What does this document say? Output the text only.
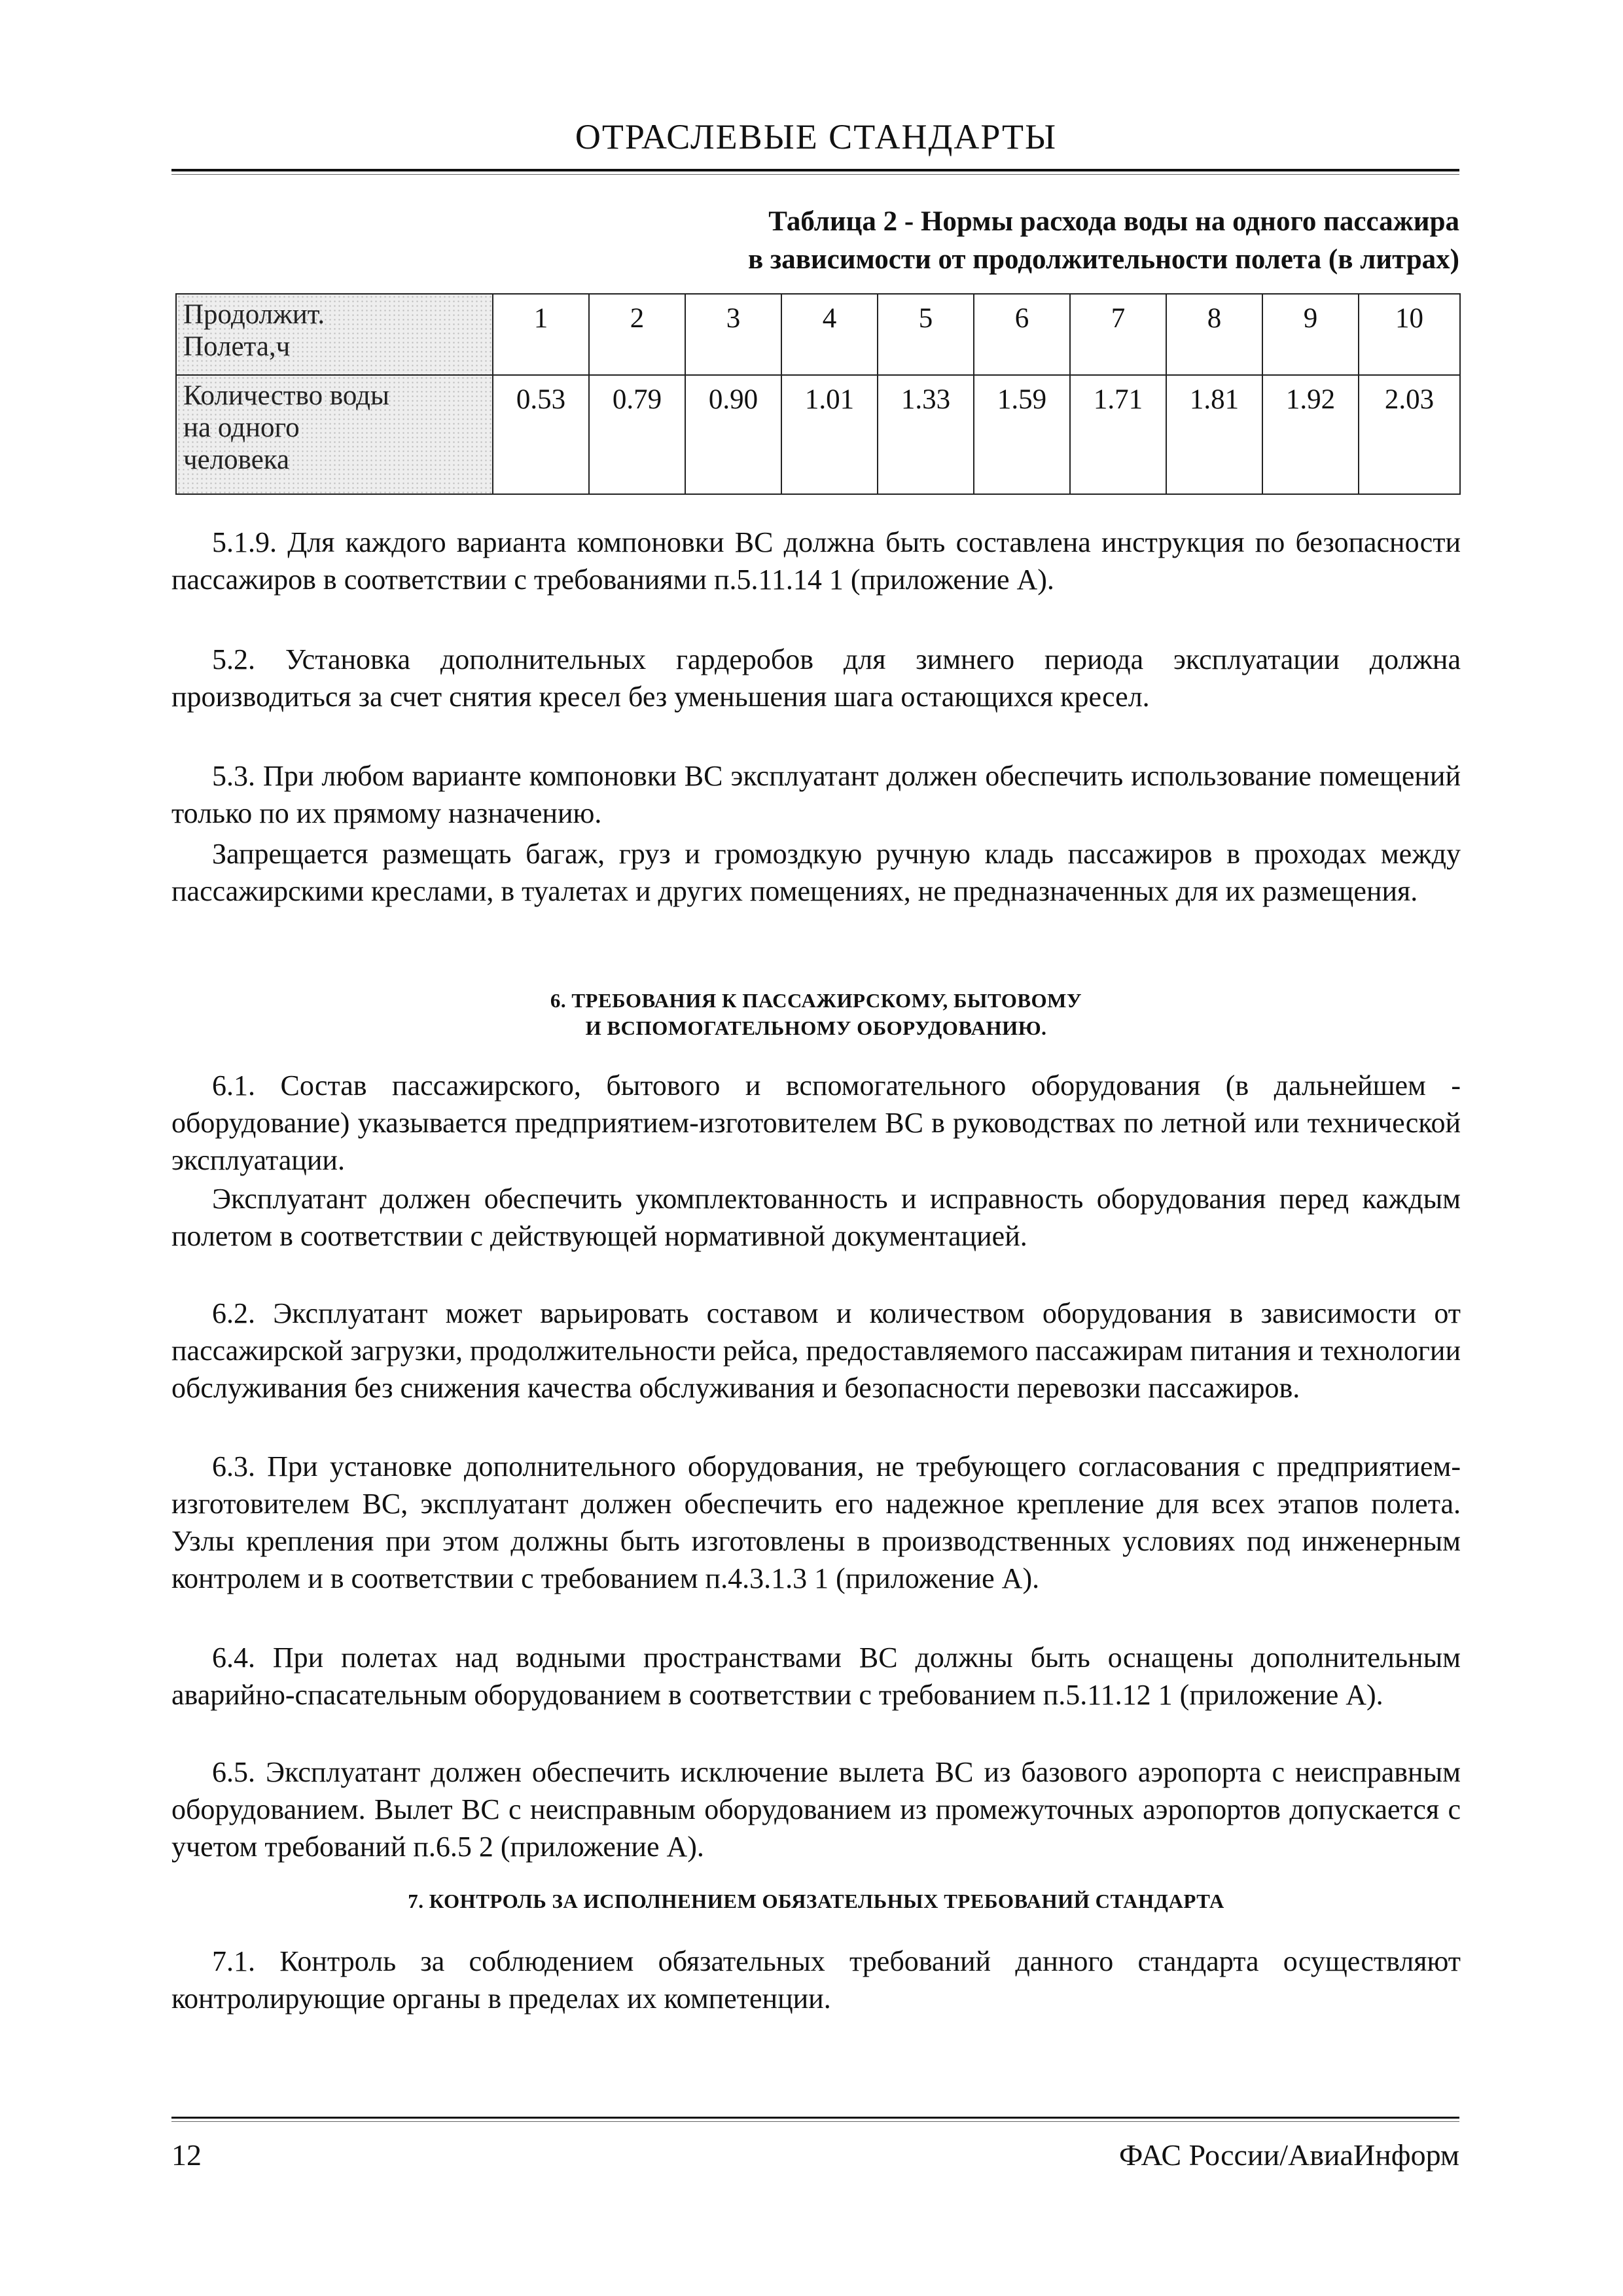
ОТРАСЛЕВЫЕ СТАНДАРТЫ
Таблица 2 - Нормы расхода воды на одного пассажира
в зависимости от продолжительности полета (в литрах)
Продолжит.
Полета,ч	1	2	3	4	5	6	7	8	9	10

Количество воды
на одного
человека	0.53	0.79	0.90	1.01	1.33	1.59	1.71	1.81	1.92	2.03

5.1.9. Для каждого варианта компоновки ВС должна быть составлена инструкция по безопасности пассажиров в соответствии с требованиями п.5.11.14 1 (приложение А).

5.2. Установка дополнительных гардеробов для зимнего периода эксплуатации должна производиться за счет снятия кресел без уменьшения шага остающихся кресел.

5.3. При любом варианте компоновки ВС эксплуатант должен обеспечить использование помещений только по их прямому назначению.

Запрещается размещать багаж, груз и громоздкую ручную кладь пассажиров в проходах между пассажирскими креслами, в туалетах и других помещениях, не предназначенных для их размещения.

6. ТРЕБОВАНИЯ К ПАССАЖИРСКОМУ, БЫТОВОМУ
И ВСПОМОГАТЕЛЬНОМУ ОБОРУДОВАНИЮ.

6.1. Состав пассажирского, бытового и вспомогательного оборудования (в дальнейшем - оборудование) указывается предприятием-изготовителем ВС в руководствах по летной или технической эксплуатации.

Эксплуатант должен обеспечить укомплектованность и исправность оборудования перед каждым полетом в соответствии с действующей нормативной документацией.

6.2. Эксплуатант может варьировать составом и количеством оборудования в зависимости от пассажирской загрузки, продолжительности рейса, предоставляемого пассажирам питания и технологии обслуживания без снижения качества обслуживания и безопасности перевозки пассажиров.

6.3. При установке дополнительного оборудования, не требующего согласования с предприятием-изготовителем ВС, эксплуатант должен обеспечить его надежное крепление для всех этапов полета. Узлы крепления при этом должны быть изготовлены в производственных условиях под инженерным контролем и в соответствии с требованием п.4.3.1.3 1 (приложение А).

6.4. При полетах над водными пространствами ВС должны быть оснащены дополнительным аварийно-спасательным оборудованием в соответствии с требованием п.5.11.12 1 (приложение А).

6.5. Эксплуатант должен обеспечить исключение вылета ВС из базового аэропорта с неисправным оборудованием. Вылет ВС с неисправным оборудованием из промежуточных аэропортов допускается с учетом требований п.6.5 2 (приложение А).

7. КОНТРОЛЬ ЗА ИСПОЛНЕНИЕМ ОБЯЗАТЕЛЬНЫХ ТРЕБОВАНИЙ СТАНДАРТА

7.1. Контроль за соблюдением обязательных требований данного стандарта осуществляют контролирующие органы в пределах их компетенции.

12	ФАС России/АвиаИнформ
